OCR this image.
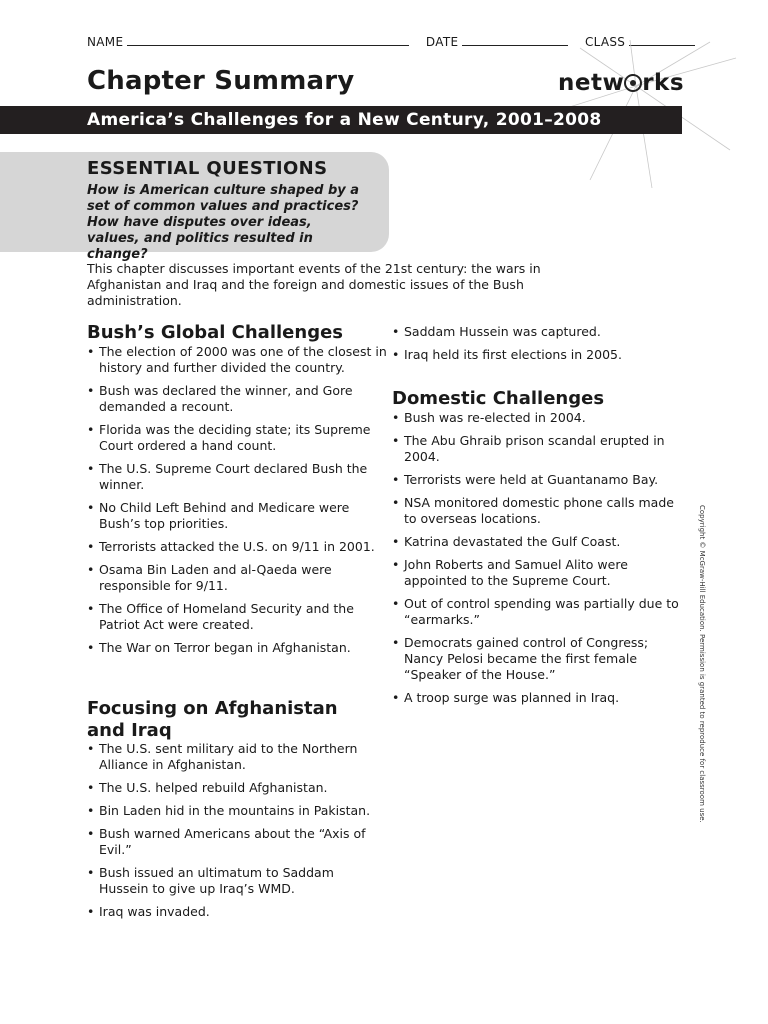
NAME	DATE	CLASS
Chapter Summary	netw rks
America’s Challenges for a New Century, 2001–2008
ESSENTIAL QUESTIONS

How is American culture shaped by a set of common values and practices? How have disputes over ideas, values, and politics resulted in change?

This chapter discusses important events of the 21st century: the wars in Afghanistan and Iraq and the foreign and domestic issues of the Bush administration.

Bush’s Global Challenges
• The election of 2000 was one of the closest in history and further divided the country.
• Bush was declared the winner, and Gore demanded a recount.
• Florida was the deciding state; its Supreme Court ordered a hand count.
• The U.S. Supreme Court declared Bush the winner.
• No Child Left Behind and Medicare were Bush’s top priorities.
• Terrorists attacked the U.S. on 9/11 in 2001.
• Osama Bin Laden and al-Qaeda were responsible for 9/11.
• The Office of Homeland Security and the Patriot Act were created.
• The War on Terror began in Afghanistan.
Focusing on Afghanistan and Iraq
• The U.S. sent military aid to the Northern Alliance in Afghanistan.
• The U.S. helped rebuild Afghanistan.
• Bin Laden hid in the mountains in Pakistan.
• Bush warned Americans about the “Axis of Evil.”
• Bush issued an ultimatum to Saddam Hussein to give up Iraq’s WMD.
• Iraq was invaded.
• Saddam Hussein was captured.
• Iraq held its first elections in 2005.
Domestic Challenges
• Bush was re-elected in 2004.
• The Abu Ghraib prison scandal erupted in 2004.
• Terrorists were held at Guantanamo Bay.
• NSA monitored domestic phone calls made to overseas locations.
• Katrina devastated the Gulf Coast.
• John Roberts and Samuel Alito were appointed to the Supreme Court.
• Out of control spending was partially due to “earmarks.”
• Democrats gained control of Congress; Nancy Pelosi became the first female “Speaker of the House.”
• A troop surge was planned in Iraq.	Copyright © McGraw-Hill Education. Permission is granted to reproduce for classroom use.
